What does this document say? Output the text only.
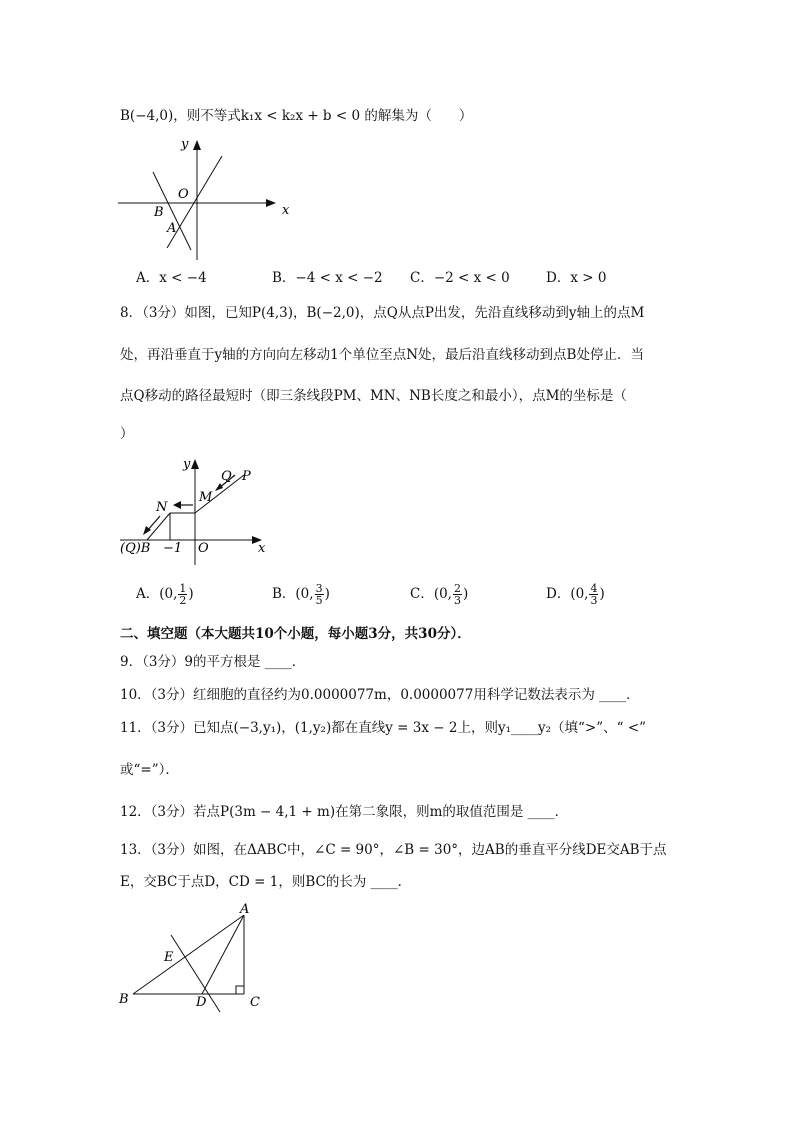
B(−4,0)，则不等式k₁x < k₂x + b < 0 的解集为（　　）
x
y
O
B
A
A．x < −4	B．−4 < x < −2 C．−2 < x < 0	D．x > 0
8．（3分）如图，已知P(4,3)，B(−2,0)，点Q从点P出发，先沿直线移动到y轴上的点M
处，再沿垂直于y轴的方向向左移动1个单位至点N处，最后沿直线移动到点B处停止．当
点Q移动的路径最短时（即三条线段PM、MN、NB长度之和最小），点M的坐标是（
）
x
y
Q P
M
N
(Q)B −1 O
A．(0, $\frac{1}{2}$ )	B．(0, $\frac{3}{5}$ )	C．(0, $\frac{2}{3}$ )	D．(0, $\frac{4}{3}$ )
二、填空题（本大题共10个小题，每小题3分，共30分）．
9．（3分）9的平方根是 ____．
10．（3分）红细胞的直径约为0.0000077m，0.0000077用科学记数法表示为 ____．
11．（3分）已知点(−3,y₁)，(1,y₂)都在直线y = 3x − 2上，则y₁____y₂（填“>”、“ <”
或“=”）．
12．（3分）若点P(3m − 4,1 + m)在第二象限，则m的取值范围是 ____．
13．（3分）如图，在ΔABC中，∠C = 90°，∠B = 30°，边AB的垂直平分线DE交AB于点
E，交BC于点D，CD = 1，则BC的长为 ____．
A
E
B	D	C
